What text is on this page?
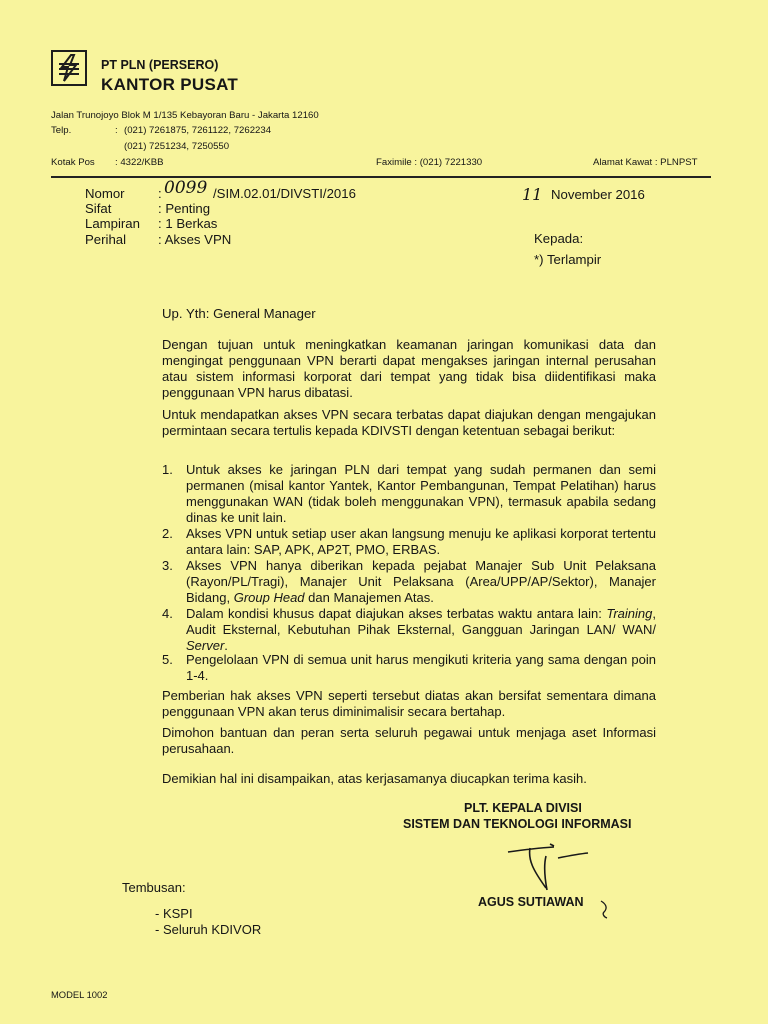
PT PLN (PERSERO)
KANTOR PUSAT
Jalan Trunojoyo Blok M 1/135 Kebayoran Baru - Jakarta 12160
Telp.	: (021) 7261875, 7261122, 7262234
(021) 7251234, 7250550
Kotak Pos : 4322/KBB	Faximile : (021) 7221330	Alamat Kawat : PLNPST
Nomor	: 0099 /SIM.02.01/DIVSTI/2016
Sifat	: Penting
Lampiran : 1 Berkas
Perihal : Akses VPN
11 November 2016
Kepada:
*) Terlampir
Up. Yth: General Manager
Dengan tujuan untuk meningkatkan keamanan jaringan komunikasi data dan mengingat penggunaan VPN berarti dapat mengakses jaringan internal perusahan atau sistem informasi korporat dari tempat yang tidak bisa diidentifikasi maka penggunaan VPN harus dibatasi.
Untuk mendapatkan akses VPN secara terbatas dapat diajukan dengan mengajukan permintaan secara tertulis kepada KDIVSTI dengan ketentuan sebagai berikut:
1. Untuk akses ke jaringan PLN dari tempat yang sudah permanen dan semi permanen (misal kantor Yantek, Kantor Pembangunan, Tempat Pelatihan) harus menggunakan WAN (tidak boleh menggunakan VPN), termasuk apabila sedang dinas ke unit lain.
2. Akses VPN untuk setiap user akan langsung menuju ke aplikasi korporat tertentu antara lain: SAP, APK, AP2T, PMO, ERBAS.
3. Akses VPN hanya diberikan kepada pejabat Manajer Sub Unit Pelaksana (Rayon/PL/Tragi), Manajer Unit Pelaksana (Area/UPP/AP/Sektor), Manajer Bidang, Group Head dan Manajemen Atas.
4. Dalam kondisi khusus dapat diajukan akses terbatas waktu antara lain: Training, Audit Eksternal, Kebutuhan Pihak Eksternal, Gangguan Jaringan LAN/ WAN/ Server.
5. Pengelolaan VPN di semua unit harus mengikuti kriteria yang sama dengan poin 1-4.
Pemberian hak akses VPN seperti tersebut diatas akan bersifat sementara dimana penggunaan VPN akan terus diminimalisir secara bertahap.
Dimohon bantuan dan peran serta seluruh pegawai untuk menjaga aset Informasi perusahaan.
Demikian hal ini disampaikan, atas kerjasamanya diucapkan terima kasih.
PLT. KEPALA DIVISI
SISTEM DAN TEKNOLOGI INFORMASI
AGUS SUTIAWAN
Tembusan:
- KSPI
- Seluruh KDIVOR
MODEL 1002
